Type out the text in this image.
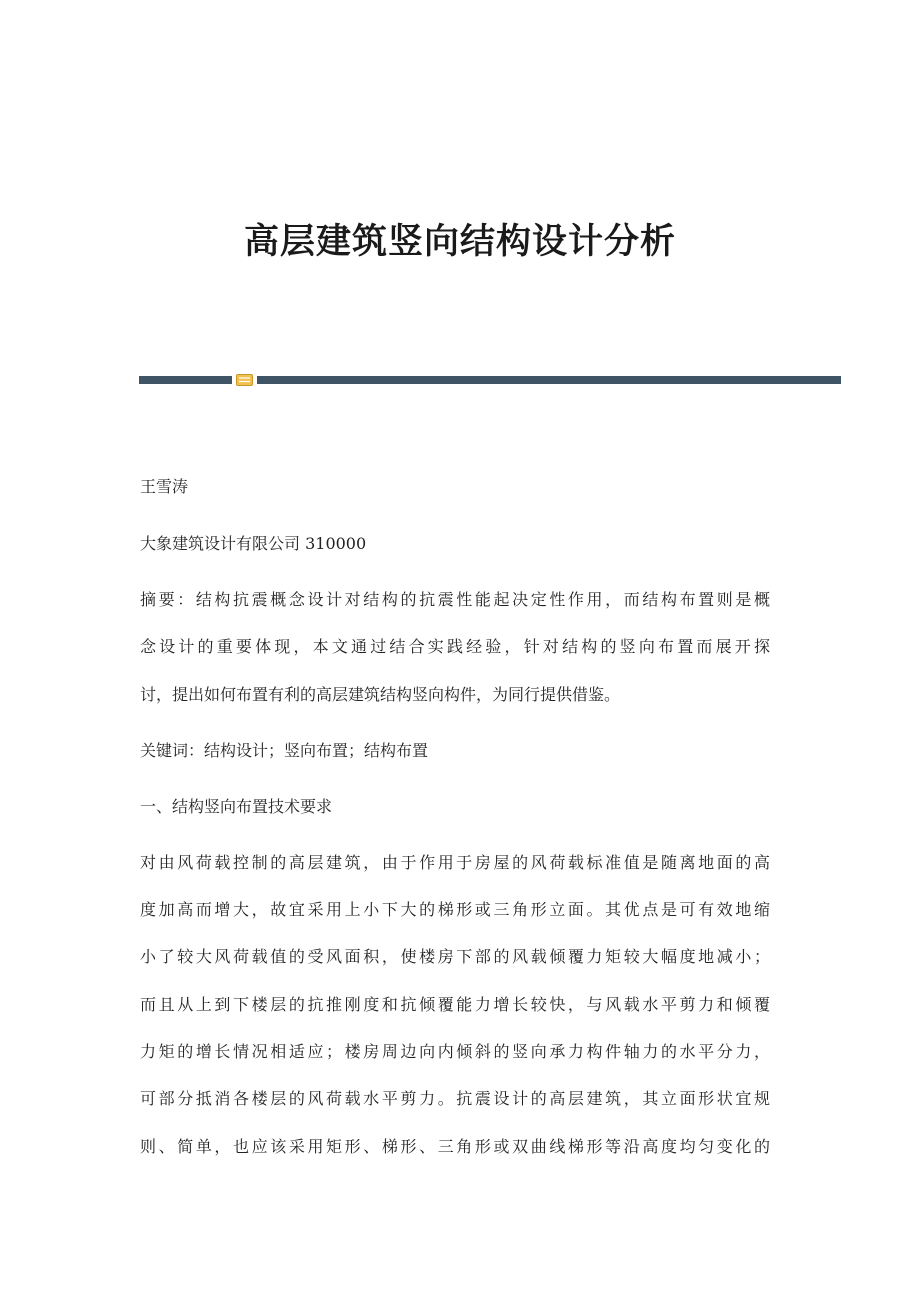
高层建筑竖向结构设计分析
王雪涛
大象建筑设计有限公司 310000
摘要：结构抗震概念设计对结构的抗震性能起决定性作用，而结构布置则是概
念设计的重要体现，本文通过结合实践经验，针对结构的竖向布置而展开探
讨，提出如何布置有利的高层建筑结构竖向构件，为同行提供借鉴。
关键词：结构设计；竖向布置；结构布置
一、结构竖向布置技术要求
对由风荷载控制的高层建筑，由于作用于房屋的风荷载标准值是随离地面的高
度加高而增大，故宜采用上小下大的梯形或三角形立面。其优点是可有效地缩
小了较大风荷载值的受风面积，使楼房下部的风载倾覆力矩较大幅度地减小；
而且从上到下楼层的抗推刚度和抗倾覆能力增长较快，与风载水平剪力和倾覆
力矩的增长情况相适应；楼房周边向内倾斜的竖向承力构件轴力的水平分力，
可部分抵消各楼层的风荷载水平剪力。抗震设计的高层建筑，其立面形状宜规
则、简单，也应该采用矩形、梯形、三角形或双曲线梯形等沿高度均匀变化的
